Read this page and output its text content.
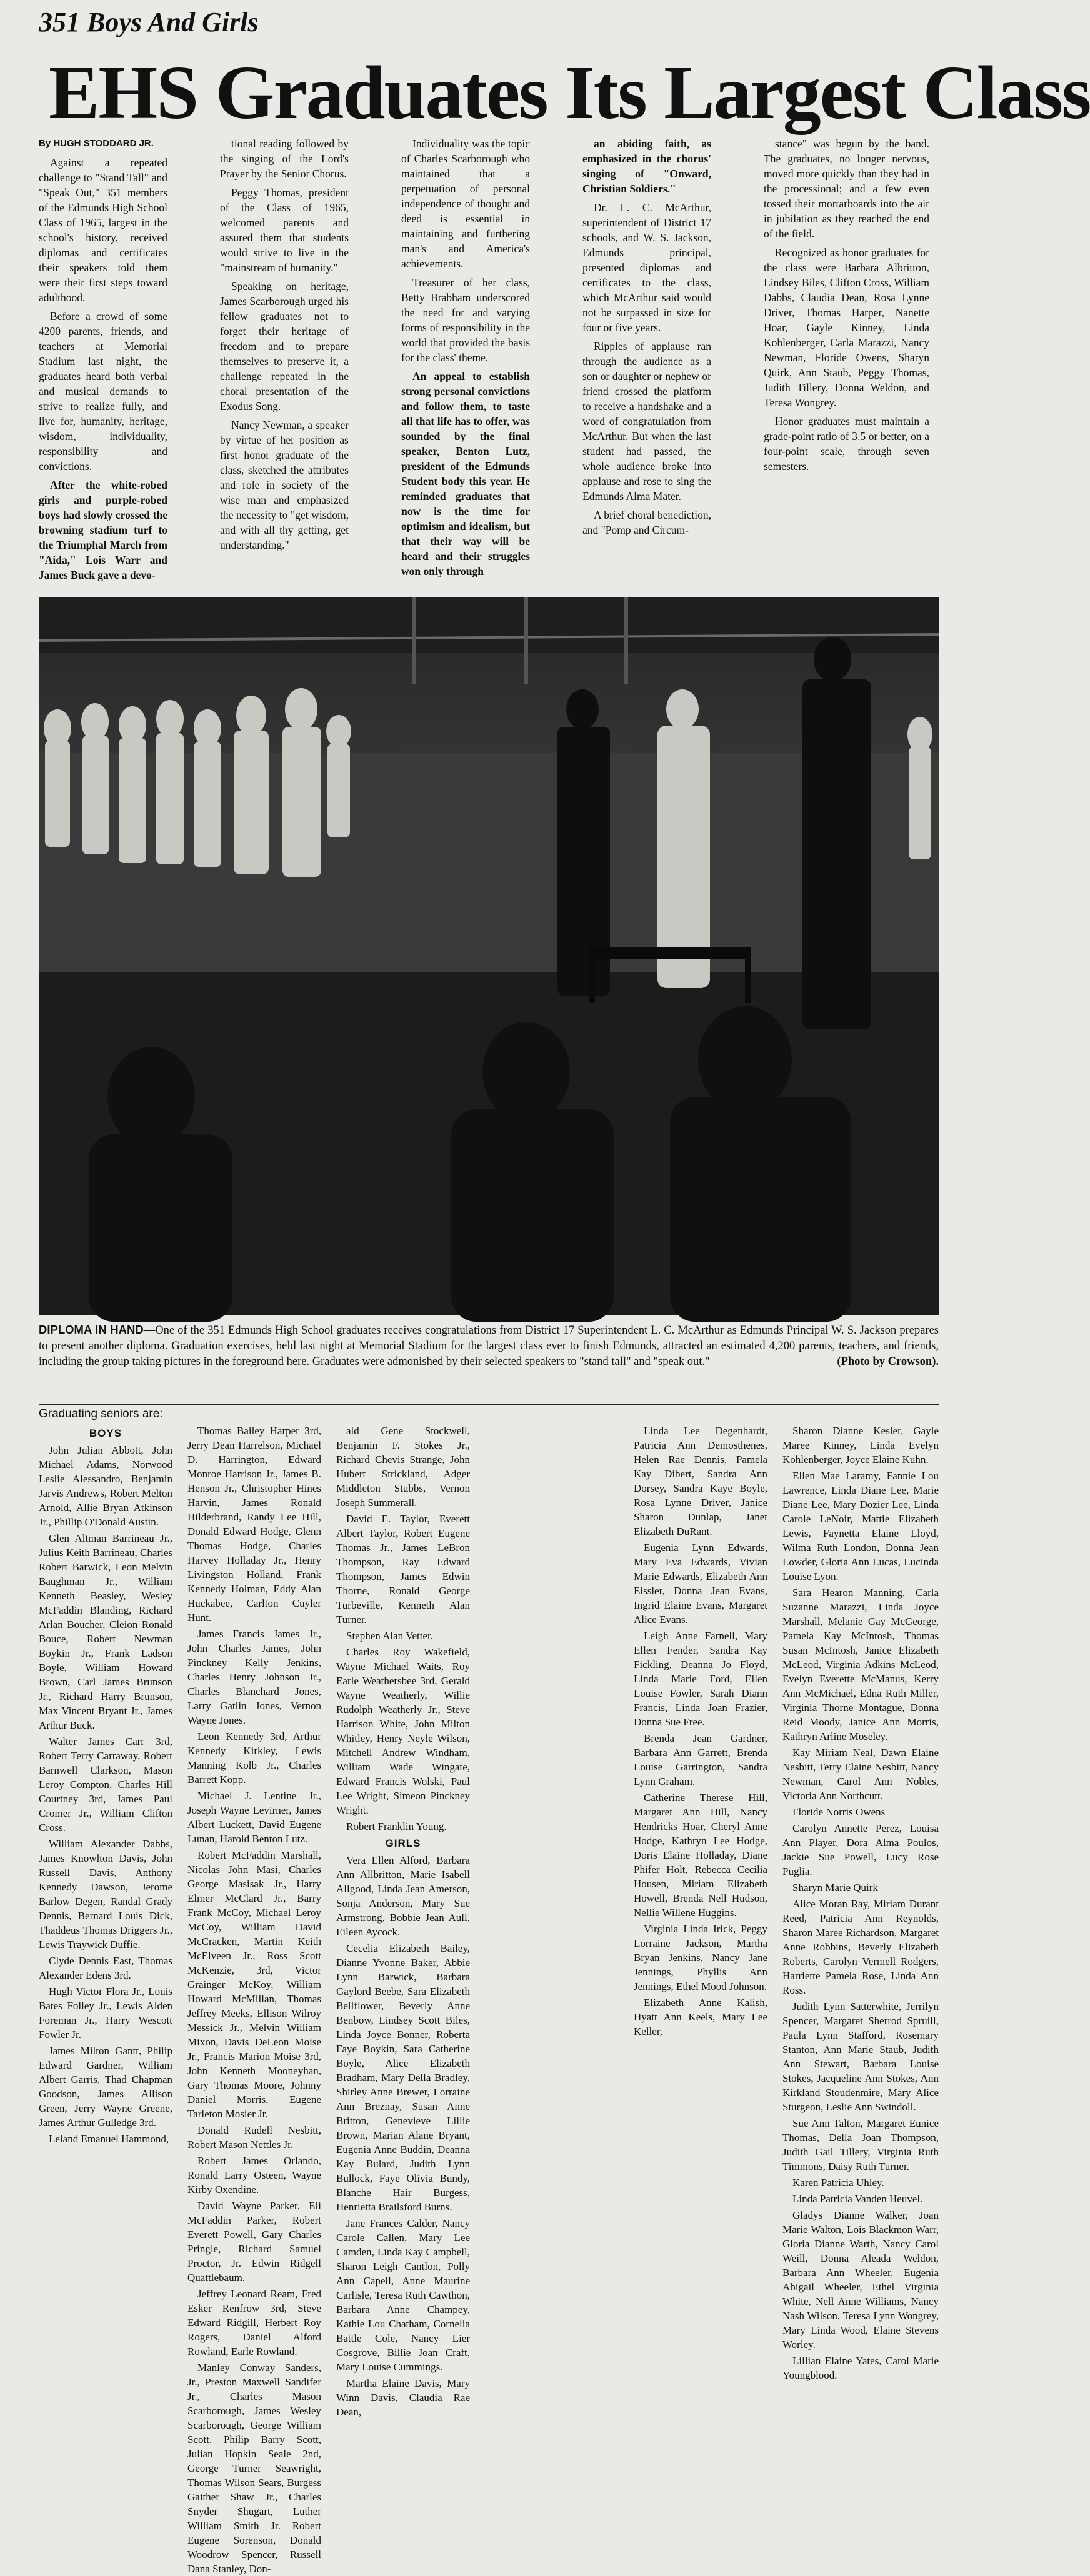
351 Boys And Girls
EHS Graduates Its Largest Class

By HUGH STODDARD JR.

Against a repeated challenge to "Stand Tall" and "Speak Out," 351 members of the Edmunds High School Class of 1965, largest in the school's history, received diplomas and certificates their speakers told them were their first steps toward adulthood.

Before a crowd of some 4200 parents, friends, and teachers at Memorial Stadium last night, the graduates heard both verbal and musical demands to strive to realize fully, and live for, humanity, heritage, wisdom, individuality, responsibility and convictions.

After the white-robed girls and purple-robed boys had slowly crossed the browning stadium turf to the Triumphal March from "Aida," Lois Warr and James Buck gave a devo-

tional reading followed by the singing of the Lord's Prayer by the Senior Chorus.

Peggy Thomas, president of the Class of 1965, welcomed parents and assured them that students would strive to live in the "mainstream of humanity."

Speaking on heritage, James Scarborough urged his fellow graduates not to forget their heritage of freedom and to prepare themselves to preserve it, a challenge repeated in the choral presentation of the Exodus Song.

Nancy Newman, a speaker by virtue of her position as first honor graduate of the class, sketched the attributes and role in society of the wise man and emphasized the necessity to "get wisdom, and with all thy getting, get understanding."

Individuality was the topic of Charles Scarborough who maintained that a perpetuation of personal independence of thought and deed is essential in maintaining and furthering man's and America's achievements.

Treasurer of her class, Betty Brabham underscored the need for and varying forms of responsibility in the world that provided the basis for the class' theme.

An appeal to establish strong personal convictions and follow them, to taste all that life has to offer, was sounded by the final speaker, Benton Lutz, president of the Edmunds Student body this year. He reminded graduates that now is the time for optimism and idealism, but that their way will be heard and their struggles won only through

an abiding faith, as emphasized in the chorus' singing of "Onward, Christian Soldiers."

Dr. L. C. McArthur, superintendent of District 17 schools, and W. S. Jackson, Edmunds principal, presented diplomas and certificates to the class, which McArthur said would not be surpassed in size for four or five years.

Ripples of applause ran through the audience as a son or daughter or nephew or friend crossed the platform to receive a handshake and a word of congratulation from McArthur. But when the last student had passed, the whole audience broke into applause and rose to sing the Edmunds Alma Mater.

A brief choral benediction, and "Pomp and Circum-

stance" was begun by the band. The graduates, no longer nervous, moved more quickly than they had in the processional; and a few even tossed their mortarboards into the air in jubilation as they reached the end of the field.

Recognized as honor graduates for the class were Barbara Albritton, Lindsey Biles, Clifton Cross, William Dabbs, Claudia Dean, Rosa Lynne Driver, Thomas Harper, Nanette Hoar, Gayle Kinney, Linda Kohlenberger, Carla Marazzi, Nancy Newman, Floride Owens, Sharyn Quirk, Ann Staub, Peggy Thomas, Judith Tillery, Donna Weldon, and Teresa Wongrey.

Honor graduates must maintain a grade-point ratio of 3.5 or better, on a four-point scale, through seven semesters.

DIPLOMA IN HAND—One of the 351 Edmunds High School graduates receives congratulations from District 17 Superintendent L. C. McArthur as Edmunds Principal W. S. Jackson prepares to present another diploma. Graduation exercises, held last night at Memorial Stadium for the largest class ever to finish Edmunds, attracted an estimated 4,200 parents, teachers, and friends, including the group taking pictures in the foreground here. Graduates were admonished by their selected speakers to "stand tall" and "speak out."	(Photo by Crowson).
Graduating seniors are:
BOYS

John Julian Abbott, John Michael Adams, Norwood Leslie Alessandro, Benjamin Jarvis Andrews, Robert Melton Arnold, Allie Bryan Atkinson Jr., Phillip O'Donald Austin.

Glen Altman Barrineau Jr., Julius Keith Barrineau, Charles Robert Barwick, Leon Melvin Baughman Jr., William Kenneth Beasley, Wesley McFaddin Blanding, Richard Arlan Boucher, Cleion Ronald Bouce, Robert Newman Boykin Jr., Frank Ladson Boyle, William Howard Brown, Carl James Brunson Jr., Richard Harry Brunson, Max Vincent Bryant Jr., James Arthur Buck.

Walter James Carr 3rd, Robert Terry Carraway, Robert Barnwell Clarkson, Mason Leroy Compton, Charles Hill Courtney 3rd, James Paul Cromer Jr., William Clifton Cross.

William Alexander Dabbs, James Knowlton Davis, John Russell Davis, Anthony Kennedy Dawson, Jerome Barlow Degen, Randal Grady Dennis, Bernard Louis Dick, Thaddeus Thomas Driggers Jr., Lewis Traywick Duffie.

Clyde Dennis East, Thomas Alexander Edens 3rd.

Hugh Victor Flora Jr., Louis Bates Folley Jr., Lewis Alden Foreman Jr., Harry Wescott Fowler Jr.

James Milton Gantt, Philip Edward Gardner, William Albert Garris, Thad Chapman Goodson, James Allison Green, Jerry Wayne Greene, James Arthur Gulledge 3rd.

Leland Emanuel Hammond,

Thomas Bailey Harper 3rd, Jerry Dean Harrelson, Michael D. Harrington, Edward Monroe Harrison Jr., James B. Henson Jr., Christopher Hines Harvin, James Ronald Hilderbrand, Randy Lee Hill, Donald Edward Hodge, Glenn Thomas Hodge, Charles Harvey Holladay Jr., Henry Livingston Holland, Frank Kennedy Holman, Eddy Alan Huckabee, Carlton Cuyler Hunt.

James Francis James Jr., John Charles James, John Pinckney Kelly Jenkins, Charles Henry Johnson Jr., Charles Blanchard Jones, Larry Gatlin Jones, Vernon Wayne Jones.

Leon Kennedy 3rd, Arthur Kennedy Kirkley, Lewis Manning Kolb Jr., Charles Barrett Kopp.

Michael J. Lentine Jr., Joseph Wayne Levirner, James Albert Luckett, David Eugene Lunan, Harold Benton Lutz.

Robert McFaddin Marshall, Nicolas John Masi, Charles George Masisak Jr., Harry Elmer McClard Jr., Barry Frank McCoy, Michael Leroy McCoy, William David McCracken, Martin Keith McElveen Jr., Ross Scott McKenzie, 3rd, Victor Grainger McKoy, William Howard McMillan, Thomas Jeffrey Meeks, Ellison Wilroy Messick Jr., Melvin William Mixon, Davis DeLeon Moise Jr., Francis Marion Moise 3rd, John Kenneth Mooneyhan, Gary Thomas Moore, Johnny Daniel Morris, Eugene Tarleton Mosier Jr.

Donald Rudell Nesbitt, Robert Mason Nettles Jr.

Robert James Orlando, Ronald Larry Osteen, Wayne Kirby Oxendine.

David Wayne Parker, Eli McFaddin Parker, Robert Everett Powell, Gary Charles Pringle, Richard Samuel Proctor, Jr. Edwin Ridgell Quattlebaum.

Jeffrey Leonard Ream, Fred Esker Renfrow 3rd, Steve Edward Ridgill, Herbert Roy Rogers, Daniel Alford Rowland, Earle Rowland.

Manley Conway Sanders, Jr., Preston Maxwell Sandifer Jr., Charles Mason Scarborough, James Wesley Scarborough, George William Scott, Philip Barry Scott, Julian Hopkin Seale 2nd, George Turner Seawright, Thomas Wilson Sears, Burgess Gaither Shaw Jr., Charles Snyder Shugart, Luther William Smith Jr. Robert Eugene Sorenson, Donald Woodrow Spencer, Russell Dana Stanley, Don-

ald Gene Stockwell, Benjamin F. Stokes Jr., Richard Chevis Strange, John Hubert Strickland, Adger Middleton Stubbs, Vernon Joseph Summerall.

David E. Taylor, Everett Albert Taylor, Robert Eugene Thomas Jr., James LeBron Thompson, Ray Edward Thompson, James Edwin Thorne, Ronald George Turbeville, Kenneth Alan Turner.

Stephen Alan Vetter.

Charles Roy Wakefield, Wayne Michael Waits, Roy Earle Weathersbee 3rd, Gerald Wayne Weatherly, Willie Rudolph Weatherly Jr., Steve Harrison White, John Milton Whitley, Henry Neyle Wilson, Mitchell Andrew Windham, William Wade Wingate, Edward Francis Wolski, Paul Lee Wright, Simeon Pinckney Wright.

Robert Franklin Young.

GIRLS

Vera Ellen Alford, Barbara Ann Allbritton, Marie Isabell Allgood, Linda Jean Amerson, Sonja Anderson, Mary Sue Armstrong, Bobbie Jean Aull, Eileen Aycock.

Cecelia Elizabeth Bailey, Dianne Yvonne Baker, Abbie Lynn Barwick, Barbara Gaylord Beebe, Sara Elizabeth Bellflower, Beverly Anne Benbow, Lindsey Scott Biles, Linda Joyce Bonner, Roberta Faye Boykin, Sara Catherine Boyle, Alice Elizabeth Bradham, Mary Della Bradley, Shirley Anne Brewer, Lorraine Ann Breznay, Susan Anne Britton, Genevieve Lillie Brown, Marian Alane Bryant, Eugenia Anne Buddin, Deanna Kay Bulard, Judith Lynn Bullock, Faye Olivia Bundy, Blanche Hair Burgess, Henrietta Brailsford Burns.

Jane Frances Calder, Nancy Carole Callen, Mary Lee Camden, Linda Kay Campbell, Sharon Leigh Cantlon, Polly Ann Capell, Anne Maurine Carlisle, Teresa Ruth Cawthon, Barbara Anne Champey, Kathie Lou Chatham, Cornelia Battle Cole, Nancy Lier Cosgrove, Billie Joan Craft, Mary Louise Cummings.

Martha Elaine Davis, Mary Winn Davis, Claudia Rae Dean,

Linda Lee Degenhardt, Patricia Ann Demosthenes, Helen Rae Dennis, Pamela Kay Dibert, Sandra Ann Dorsey, Sandra Kaye Boyle, Rosa Lynne Driver, Janice Sharon Dunlap, Janet Elizabeth DuRant.

Eugenia Lynn Edwards, Mary Eva Edwards, Vivian Marie Edwards, Elizabeth Ann Eissler, Donna Jean Evans, Ingrid Elaine Evans, Margaret Alice Evans.

Leigh Anne Farnell, Mary Ellen Fender, Sandra Kay Fickling, Deanna Jo Floyd, Linda Marie Ford, Ellen Louise Fowler, Sarah Diann Francis, Linda Joan Frazier, Donna Sue Free.

Brenda Jean Gardner, Barbara Ann Garrett, Brenda Louise Garrington, Sandra Lynn Graham.

Catherine Therese Hill, Margaret Ann Hill, Nancy Hendricks Hoar, Cheryl Anne Hodge, Kathryn Lee Hodge, Doris Elaine Holladay, Diane Phifer Holt, Rebecca Cecilia Housen, Miriam Elizabeth Howell, Brenda Nell Hudson, Nellie Willene Huggins.

Virginia Linda Irick, Peggy Lorraine Jackson, Martha Bryan Jenkins, Nancy Jane Jennings, Phyllis Ann Jennings, Ethel Mood Johnson.

Elizabeth Anne Kalish, Hyatt Ann Keels, Mary Lee Keller,

Sharon Dianne Kesler, Gayle Maree Kinney, Linda Evelyn Kohlenberger, Joyce Elaine Kuhn.

Ellen Mae Laramy, Fannie Lou Lawrence, Linda Diane Lee, Marie Diane Lee, Mary Dozier Lee, Linda Carole LeNoir, Mattie Elizabeth Lewis, Faynetta Elaine Lloyd, Wilma Ruth London, Donna Jean Lowder, Gloria Ann Lucas, Lucinda Louise Lyon.

Sara Hearon Manning, Carla Suzanne Marazzi, Linda Joyce Marshall, Melanie Gay McGeorge, Pamela Kay McIntosh, Thomas Susan McIntosh, Janice Elizabeth McLeod, Virginia Adkins McLeod, Evelyn Everette McManus, Kerry Ann McMichael, Edna Ruth Miller, Virginia Thorne Montague, Donna Reid Moody, Janice Ann Morris, Kathryn Arline Moseley.

Kay Miriam Neal, Dawn Elaine Nesbitt, Terry Elaine Nesbitt, Nancy Newman, Carol Ann Nobles, Victoria Ann Northcutt.

Floride Norris Owens

Carolyn Annette Perez, Louisa Ann Player, Dora Alma Poulos, Jackie Sue Powell, Lucy Rose Puglia.

Sharyn Marie Quirk

Alice Moran Ray, Miriam Durant Reed, Patricia Ann Reynolds, Sharon Maree Richardson, Margaret Anne Robbins, Beverly Elizabeth Roberts, Carolyn Vermell Rodgers, Harriette Pamela Rose, Linda Ann Ross.

Judith Lynn Satterwhite, Jerrilyn Spencer, Margaret Sherrod Spruill, Paula Lynn Stafford, Rosemary Stanton, Ann Marie Staub, Judith Ann Stewart, Barbara Louise Stokes, Jacqueline Ann Stokes, Ann Kirkland Stoudenmire, Mary Alice Sturgeon, Leslie Ann Swindoll.

Sue Ann Talton, Margaret Eunice Thomas, Della Joan Thompson, Judith Gail Tillery, Virginia Ruth Timmons, Daisy Ruth Turner.

Karen Patricia Uhley.

Linda Patricia Vanden Heuvel.

Gladys Dianne Walker, Joan Marie Walton, Lois Blackmon Warr, Gloria Dianne Warth, Nancy Carol Weill, Donna Aleada Weldon, Barbara Ann Wheeler, Eugenia Abigail Wheeler, Ethel Virginia White, Nell Anne Williams, Nancy Nash Wilson, Teresa Lynn Wongrey, Mary Linda Wood, Elaine Stevens Worley.

Lillian Elaine Yates, Carol Marie Youngblood.
